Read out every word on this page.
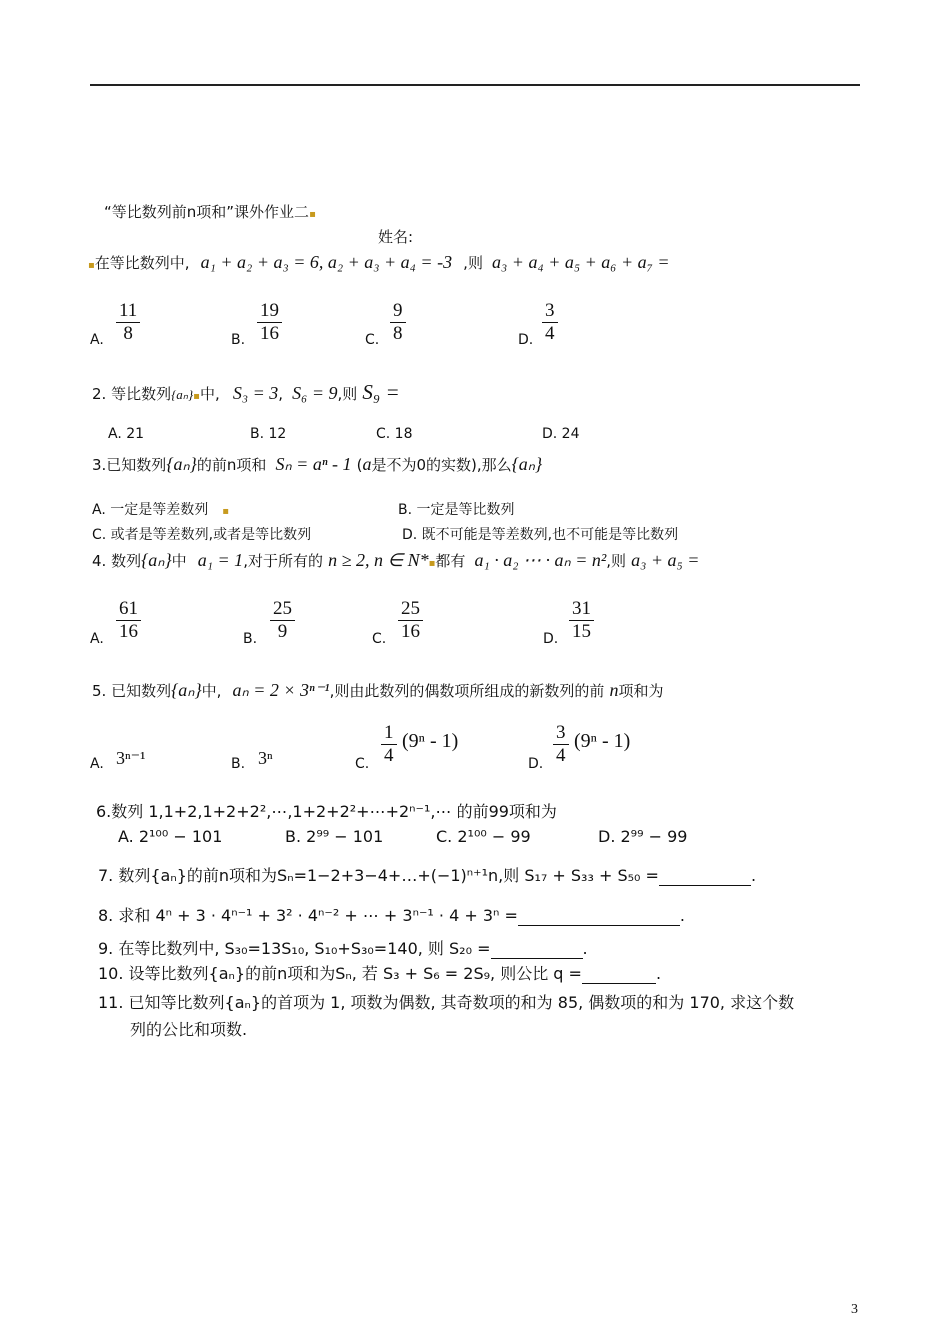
“等比数列前n项和”课外作业二▪
姓名:
▪在等比数列中, a₁ + a₂ + a₃ = 6, a₂ + a₃ + a₄ = -3 ,则 a₃ + a₄ + a₅ + a₆ + a₇ =
A. $\frac{11}{8}$	B. $\frac{19}{16}$	C. $\frac{9}{8}$	D. $\frac{3}{4}$
2. 等比数列{aₙ}▪中, S₃ = 3, S₆ = 9,则 S₉ =
A. 21	B. 12	C. 18	D. 24
3.已知数列{aₙ}的前n项和 Sₙ = aⁿ - 1 (a是不为0的实数),那么{aₙ}
A. 一定是等差数列 ▪	B. 一定是等比数列
C. 或者是等差数列,或者是等比数列	D. 既不可能是等差数列,也不可能是等比数列
4. 数列{aₙ}中 a₁ = 1,对于所有的 n ≥ 2, n ∈ N*▪都有 a₁ · a₂ ⋯ · aₙ = n²,则 a₃ + a₅ =
A. $\frac{61}{16}$	B. $\frac{25}{9}$	C. $\frac{25}{16}$	D. $\frac{31}{15}$
5. 已知数列{aₙ}中, aₙ = 2 × 3ⁿ⁻¹,则由此数列的偶数项所组成的新数列的前 n项和为
A. 3ⁿ⁻¹	B. 3ⁿ	C. $\frac{1}{4} (9^n - 1)$
D. $\frac{3}{4} (9^n - 1)$
6.数列 1,1+2,1+2+2²,⋯,1+2+2²+⋯+2ⁿ⁻¹,⋯ 的前99项和为
A. 2¹⁰⁰ − 101	B. 2⁹⁹ − 101	C. 2¹⁰⁰ − 99	D. 2⁹⁹ − 99
7. 数列{aₙ}的前n项和为Sₙ=1−2+3−4+…+(−1)ⁿ⁺¹n,则 S₁₇ + S₃₃ + S₅₀ =	.
8. 求和 4ⁿ + 3 · 4ⁿ⁻¹ + 3² · 4ⁿ⁻² + ⋯ + 3ⁿ⁻¹ · 4 + 3ⁿ =	.
9. 在等比数列中, S₃₀=13S₁₀, S₁₀+S₃₀=140, 则 S₂₀ =	.
10. 设等比数列{aₙ}的前n项和为Sₙ, 若 S₃ + S₆ = 2S₉, 则公比 q =	.
11. 已知等比数列{aₙ}的首项为 1, 项数为偶数, 其奇数项的和为 85, 偶数项的和为 170, 求这个数
列的公比和项数.
3
